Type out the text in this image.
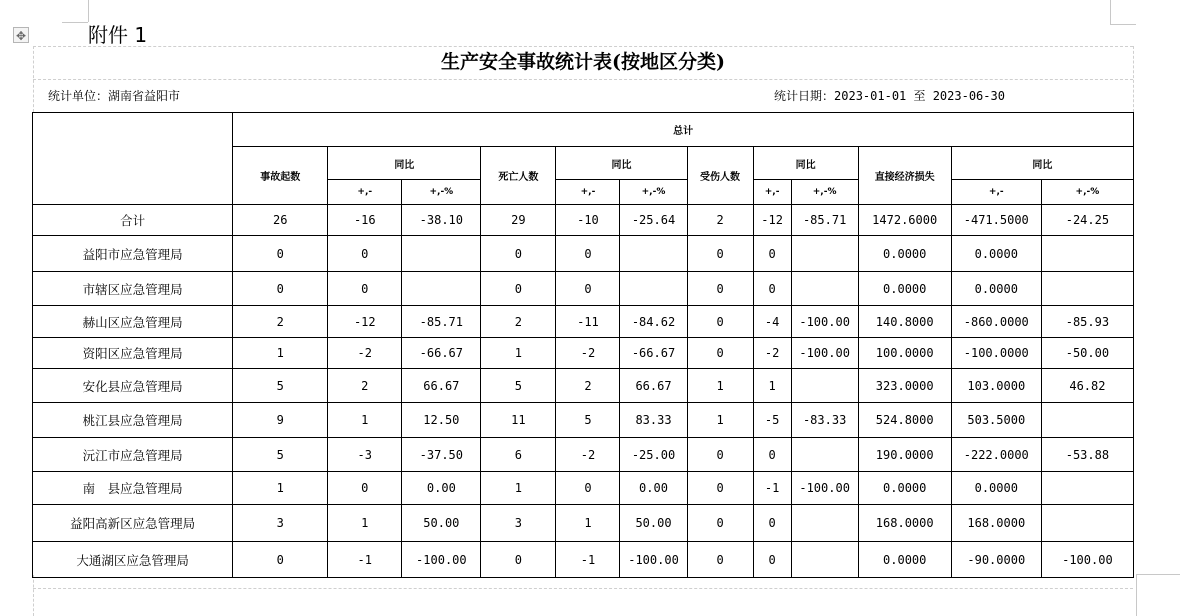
✥	附件 1
生产安全事故统计表(按地区分类)
统计单位：湖南省益阳市	统计日期：2023-01-01 至 2023-06-30
	总计											
	事故起数	同比		死亡人数	同比		受伤人数	同比		直接经济损失	同比	
		+,-	+,-%		+,-	+,-%		+,-	+,-%		+,-	+,-%
合计	26	-16	-38.10	29	-10	-25.64	2	-12	-85.71	1472.6000	-471.5000	-24.25
益阳市应急管理局	0	0		0	0		0	0		0.0000	0.0000	
市辖区应急管理局	0	0		0	0		0	0		0.0000	0.0000	
赫山区应急管理局	2	-12	-85.71	2	-11	-84.62	0	-4	-100.00	140.8000	-860.0000	-85.93
资阳区应急管理局	1	-2	-66.67	1	-2	-66.67	0	-2	-100.00	100.0000	-100.0000	-50.00
安化县应急管理局	5	2	66.67	5	2	66.67	1	1		323.0000	103.0000	46.82
桃江县应急管理局	9	1	12.50	11	5	83.33	1	-5	-83.33	524.8000	503.5000	
沅江市应急管理局	5	-3	-37.50	6	-2	-25.00	0	0		190.0000	-222.0000	-53.88
南　县应急管理局	1	0	0.00	1	0	0.00	0	-1	-100.00	0.0000	0.0000	
益阳高新区应急管理局	3	1	50.00	3	1	50.00	0	0		168.0000	168.0000	
大通湖区应急管理局	0	-1	-100.00	0	-1	-100.00	0	0		0.0000	-90.0000	-100.00
